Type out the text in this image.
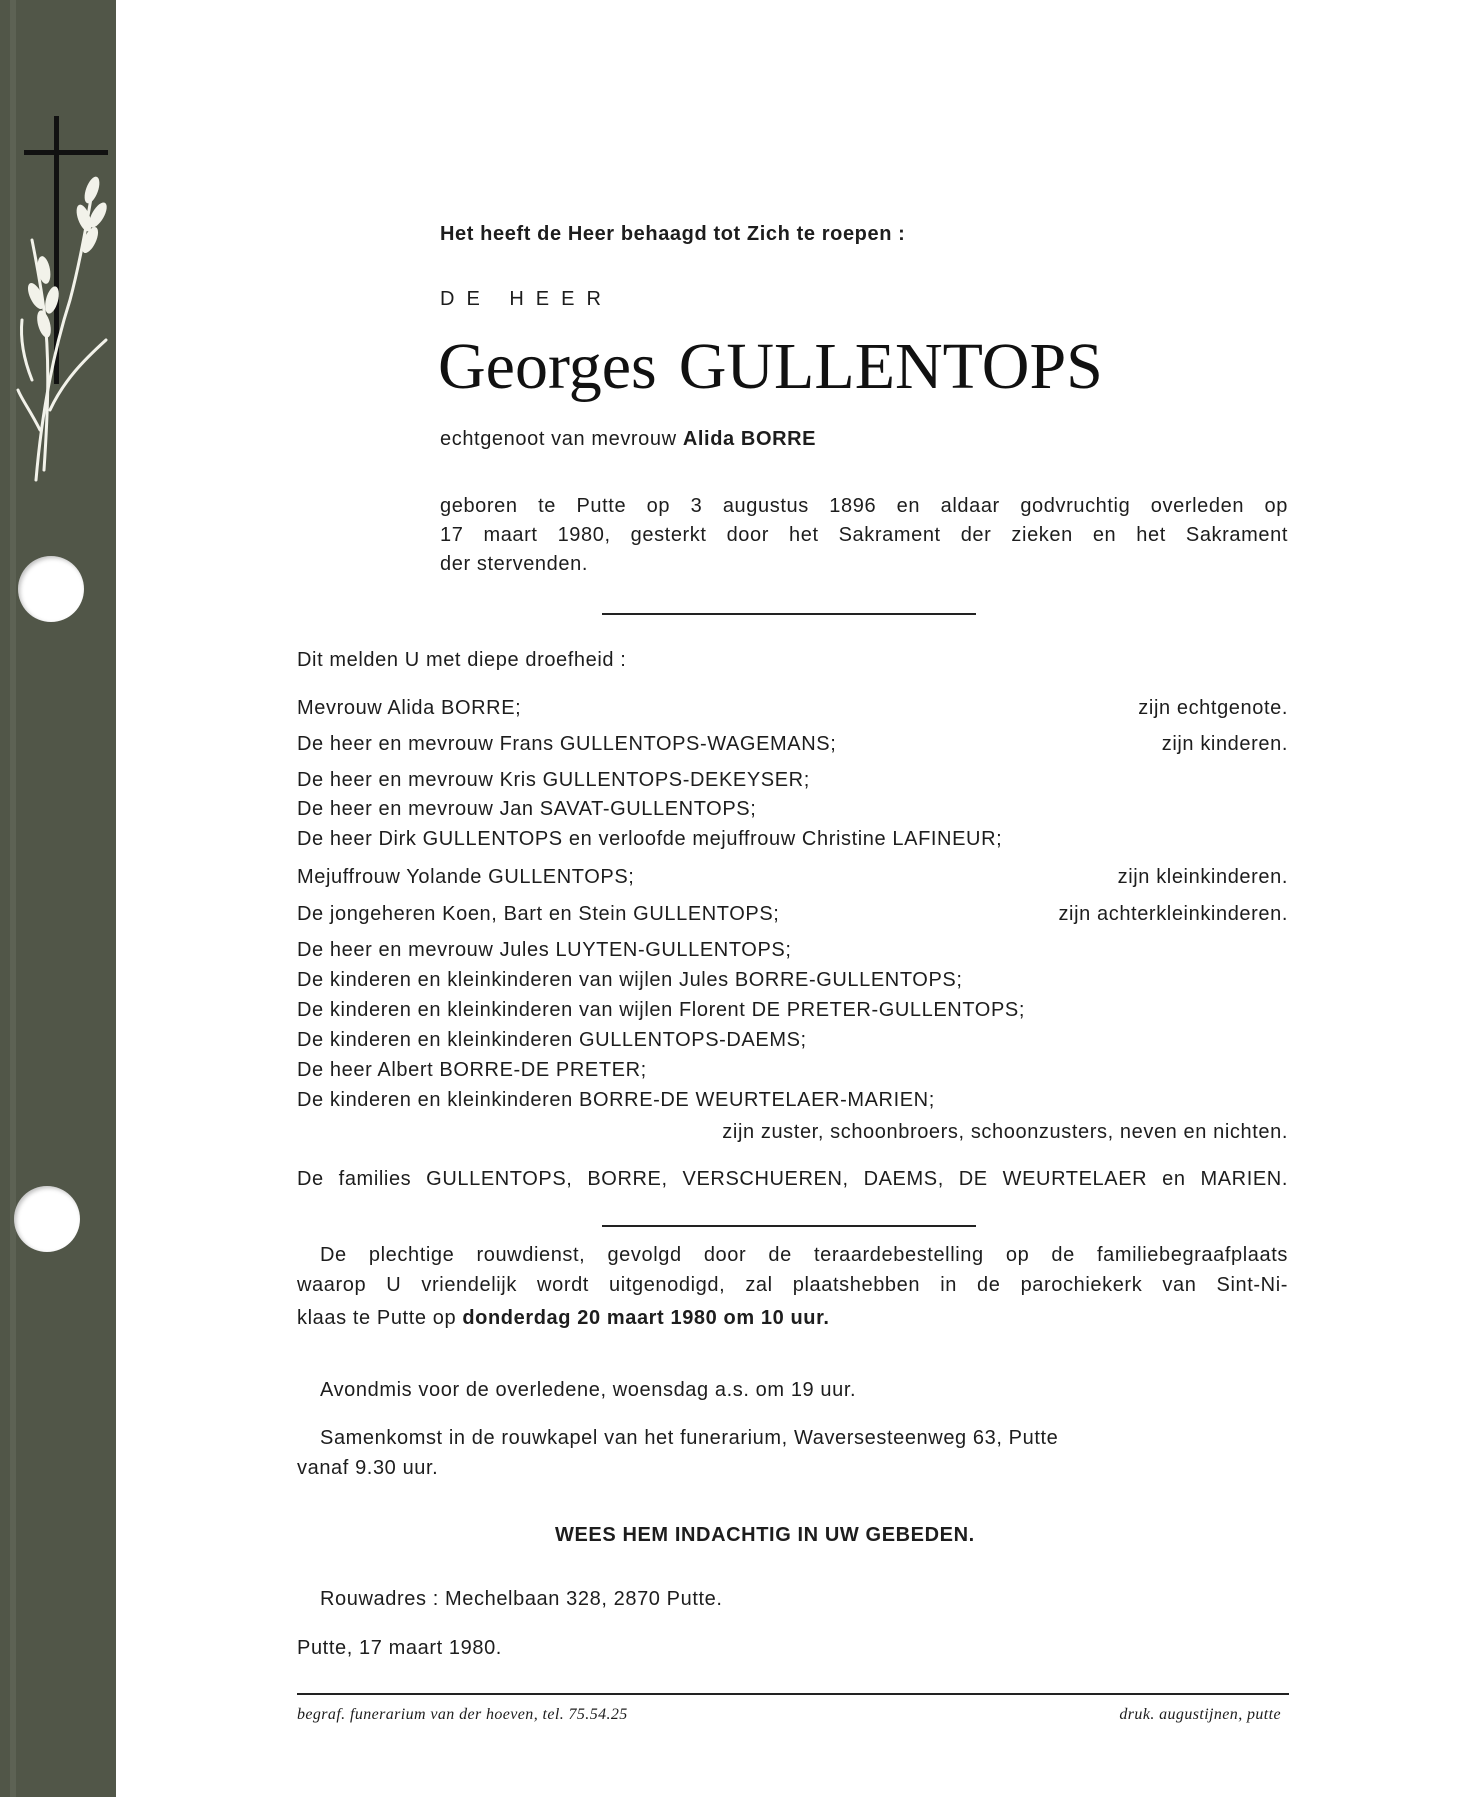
Het heeft de Heer behaagd tot Zich te roepen :
DE HEER
Georges GULLENTOPS
echtgenoot van mevrouw Alida BORRE
geboren te Putte op 3 augustus 1896 en aldaar godvruchtig overleden op
17 maart 1980, gesterkt door het Sakrament der zieken en het Sakrament
der stervenden.
Dit melden U met diepe droefheid :
Mevrouw Alida BORRE;	zijn echtgenote.
De heer en mevrouw Frans GULLENTOPS-WAGEMANS;	zijn kinderen.
De heer en mevrouw Kris GULLENTOPS-DEKEYSER;
De heer en mevrouw Jan SAVAT-GULLENTOPS;
De heer Dirk GULLENTOPS en verloofde mejuffrouw Christine LAFINEUR;
Mejuffrouw Yolande GULLENTOPS;	zijn kleinkinderen.
De jongeheren Koen, Bart en Stein GULLENTOPS;	zijn achterkleinkinderen.
De heer en mevrouw Jules LUYTEN-GULLENTOPS;
De kinderen en kleinkinderen van wijlen Jules BORRE-GULLENTOPS;
De kinderen en kleinkinderen van wijlen Florent DE PRETER-GULLENTOPS;
De kinderen en kleinkinderen GULLENTOPS-DAEMS;
De heer Albert BORRE-DE PRETER;
De kinderen en kleinkinderen BORRE-DE WEURTELAER-MARIEN;
zijn zuster, schoonbroers, schoonzusters, neven en nichten.
De families GULLENTOPS, BORRE, VERSCHUEREN, DAEMS, DE WEURTELAER en MARIEN.
De plechtige rouwdienst, gevolgd door de teraardebestelling op de familiebegraafplaats
waarop U vriendelijk wordt uitgenodigd, zal plaatshebben in de parochiekerk van Sint-Ni-
klaas te Putte op donderdag 20 maart 1980 om 10 uur.
Avondmis voor de overledene, woensdag a.s. om 19 uur.
Samenkomst in de rouwkapel van het funerarium, Waversesteenweg 63, Putte
vanaf 9.30 uur.
WEES HEM INDACHTIG IN UW GEBEDEN.
Rouwadres : Mechelbaan 328, 2870 Putte.
Putte, 17 maart 1980.
begraf. funerarium van der hoeven, tel. 75.54.25	druk. augustijnen, putte
